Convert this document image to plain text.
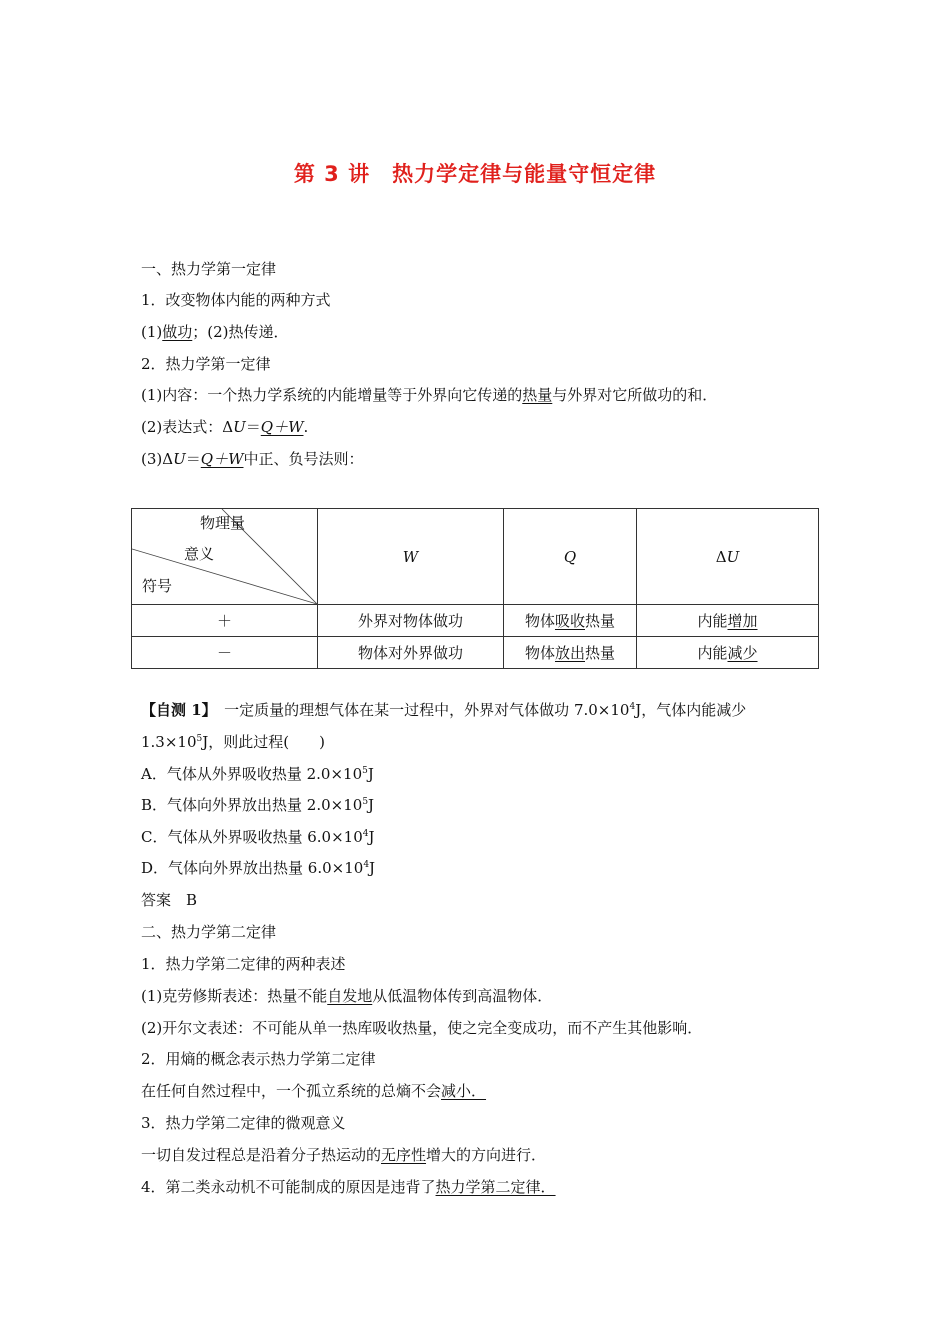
第 3 讲　热力学定律与能量守恒定律
一、热力学第一定律
1．改变物体内能的两种方式
(1)做功；(2)热传递．
2．热力学第一定律
(1)内容：一个热力学系统的内能增量等于外界向它传递的热量与外界对它所做功的和．
(2)表达式：ΔU＝Q＋W.
(3)ΔU＝Q＋W中正、负号法则：
物理量
意义
符号	W	Q	ΔU
＋	外界对物体做功	物体吸收热量	内能增加
－	物体对外界做功	物体放出热量	内能减少
【自测 1】　一定质量的理想气体在某一过程中，外界对气体做功 $7.0\times 10^4J$，气体内能减少
$1.3\times 10^5J$，则此过程(　　)
A．气体从外界吸收热量 $2.0\times 10^5J$
B．气体向外界放出热量 $2.0\times 10^5J$
C．气体从外界吸收热量 $6.0\times 10^4J$
D．气体向外界放出热量 $6.0\times 10^4J$
答案　B
二、热力学第二定律
1．热力学第二定律的两种表述
(1)克劳修斯表述：热量不能自发地从低温物体传到高温物体．
(2)开尔文表述：不可能从单一热库吸收热量，使之完全变成功，而不产生其他影响．
2．用熵的概念表示热力学第二定律
在任何自然过程中，一个孤立系统的总熵不会减小．
3．热力学第二定律的微观意义
一切自发过程总是沿着分子热运动的无序性增大的方向进行．
4．第二类永动机不可能制成的原因是违背了热力学第二定律．
